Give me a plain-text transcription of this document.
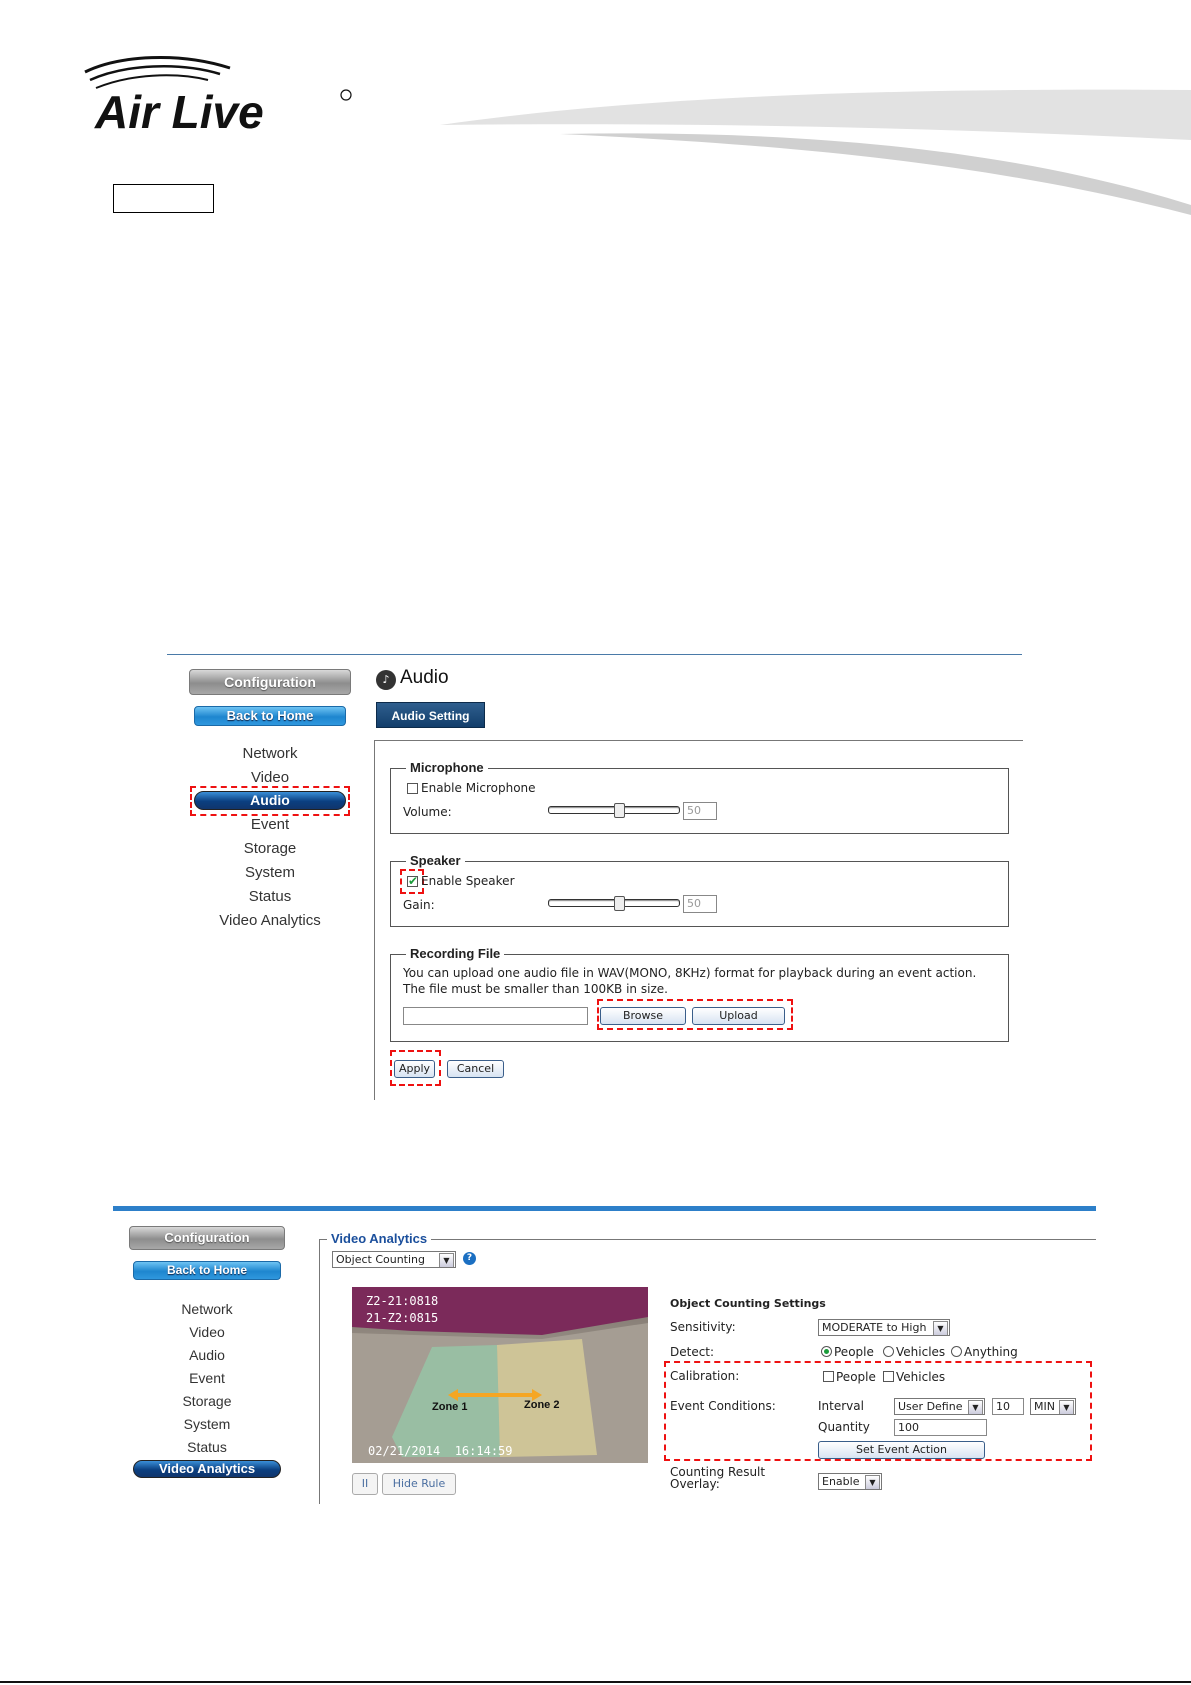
Air Live
Configuration
Back to Home
Network
Video
Audio
Event
Storage
System
Status
Video Analytics
♪ Audio
Audio Setting
Microphone
Enable Microphone
Volume:	50
Speaker
✔ Enable Speaker
Gain:	50
Recording File
You can upload one audio file in WAV(MONO, 8KHz) format for playback during an event action.
The file must be smaller than 100KB in size.
Browse	Upload
Apply	Cancel
Configuration
Back to Home
Network
Video
Audio
Event
Storage
System
Status
Video Analytics
Video Analytics
Object Counting	▼	?
Z2-21:0818
21-Z2:0815
Zone 1	Zone 2
02/21/2014  16:14:59
II	Hide Rule
Object Counting Settings
Sensitivity:	MODERATE to High	▼
Detect:	People Vehicles Anything
Calibration:	People Vehicles
Event Conditions:	Interval	User Define	▼	10	MIN	▼
Quantity	100
Set Event Action
Counting Result
Overlay:	Enable	▼
